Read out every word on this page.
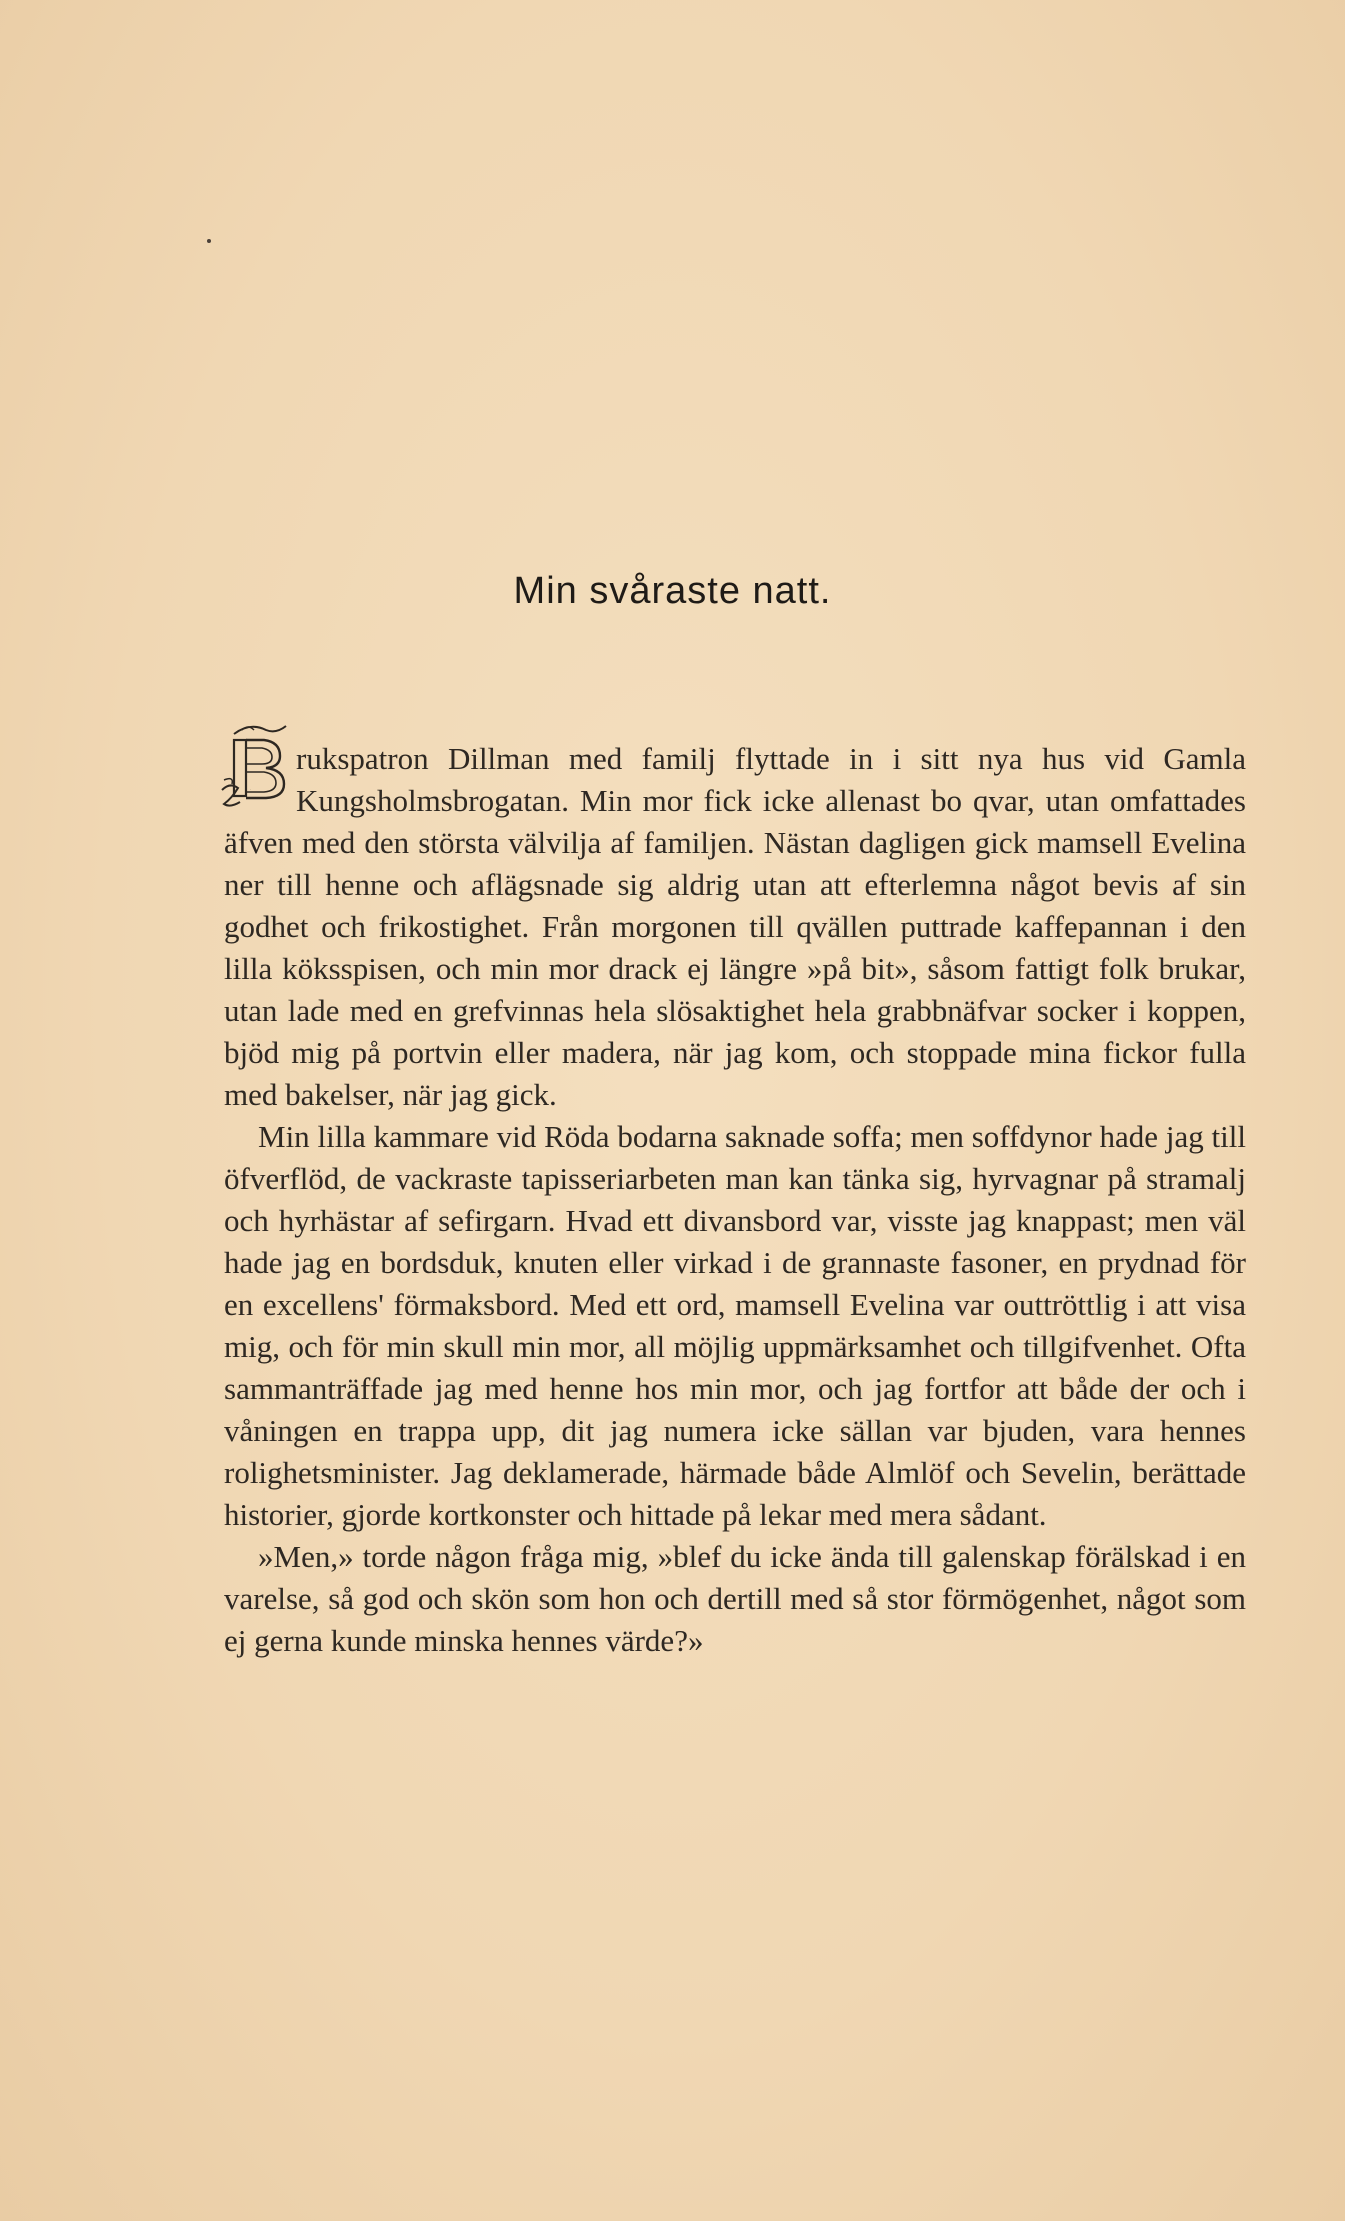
Min svåraste natt.

B
rukspatron Dillman med familj flyttade in i sitt nya hus vid Gamla Kungsholmsbrogatan. Min mor fick icke allenast bo qvar, utan omfattades äfven med den största välvilja af familjen. Nästan dagligen gick mamsell Evelina ner till henne och aflägsnade sig aldrig utan att efterlemna något bevis af sin godhet och frikostighet. Från morgonen till qvällen puttrade kaffepannan i den lilla köksspisen, och min mor drack ej längre »på bit», såsom fattigt folk brukar, utan lade med en grefvinnas hela slösaktighet hela grabbnäfvar socker i koppen, bjöd mig på portvin eller madera, när jag kom, och stoppade mina fickor fulla med bakelser, när jag gick.

Min lilla kammare vid Röda bodarna saknade soffa; men soffdynor hade jag till öfverflöd, de vackraste tapisseriarbeten man kan tänka sig, hyrvagnar på stramalj och hyrhästar af sefirgarn. Hvad ett divansbord var, visste jag knappast; men väl hade jag en bordsduk, knuten eller virkad i de grannaste fasoner, en prydnad för en excellens' förmaksbord. Med ett ord, mamsell Evelina var outtröttlig i att visa mig, och för min skull min mor, all möjlig uppmärksamhet och tillgifvenhet. Ofta sammanträffade jag med henne hos min mor, och jag fortfor att både der och i våningen en trappa upp, dit jag numera icke sällan var bjuden, vara hennes rolighetsminister. Jag deklamerade, härmade både Almlöf och Sevelin, berättade historier, gjorde kortkonster och hittade på lekar med mera sådant.

»Men,» torde någon fråga mig, »blef du icke ända till galenskap förälskad i en varelse, så god och skön som hon och dertill med så stor förmögenhet, något som ej gerna kunde minska hennes värde?»
